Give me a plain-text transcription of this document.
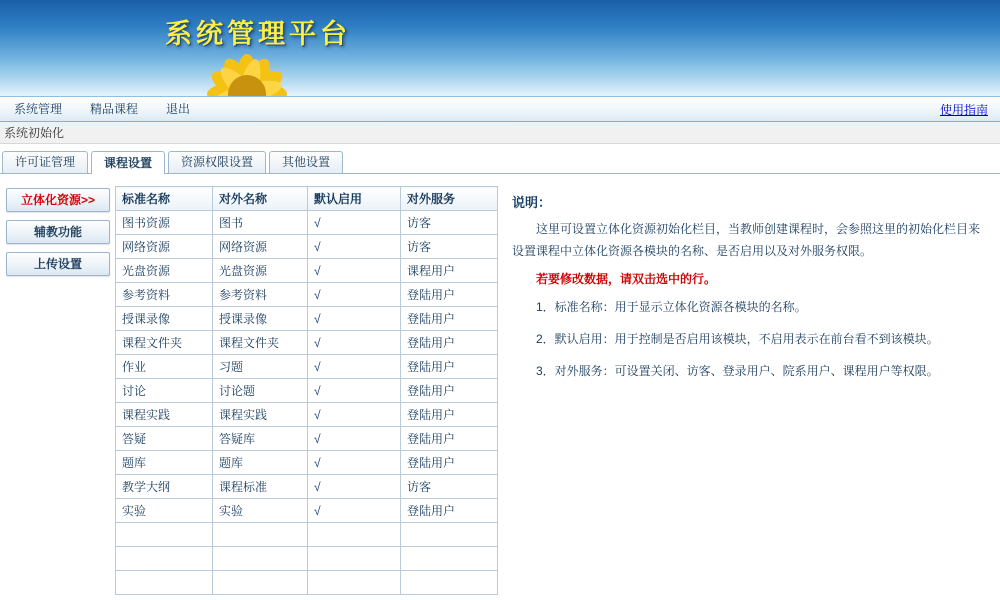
系统管理平台
系统管理	精品课程	退出	使用指南
系统初始化
许可证管理	课程设置	资源权限设置	其他设置
立体化资源>>
辅教功能
上传设置
标准名称	对外名称	默认启用	对外服务
图书资源	图书	√	访客
网络资源	网络资源	√	访客
光盘资源	光盘资源	√	课程用户
参考资料	参考资料	√	登陆用户
授课录像	授课录像	√	登陆用户
课程文件夹	课程文件夹	√	登陆用户
作业	习题	√	登陆用户
讨论	讨论题	√	登陆用户
课程实践	课程实践	√	登陆用户
答疑	答疑库	√	登陆用户
题库	题库	√	登陆用户
教学大纲	课程标准	√	访客
实验	实验	√	登陆用户

说明：

这里可设置立体化资源初始化栏目，当教师创建课程时，会参照这里的初始化栏目来设置课程中立体化资源各模块的名称、是否启用以及对外服务权限。

若要修改数据，请双击选中的行。

1．标准名称：用于显示立体化资源各模块的名称。
2．默认启用：用于控制是否启用该模块，不启用表示在前台看不到该模块。
3．对外服务：可设置关闭、访客、登录用户、院系用户、课程用户等权限。
